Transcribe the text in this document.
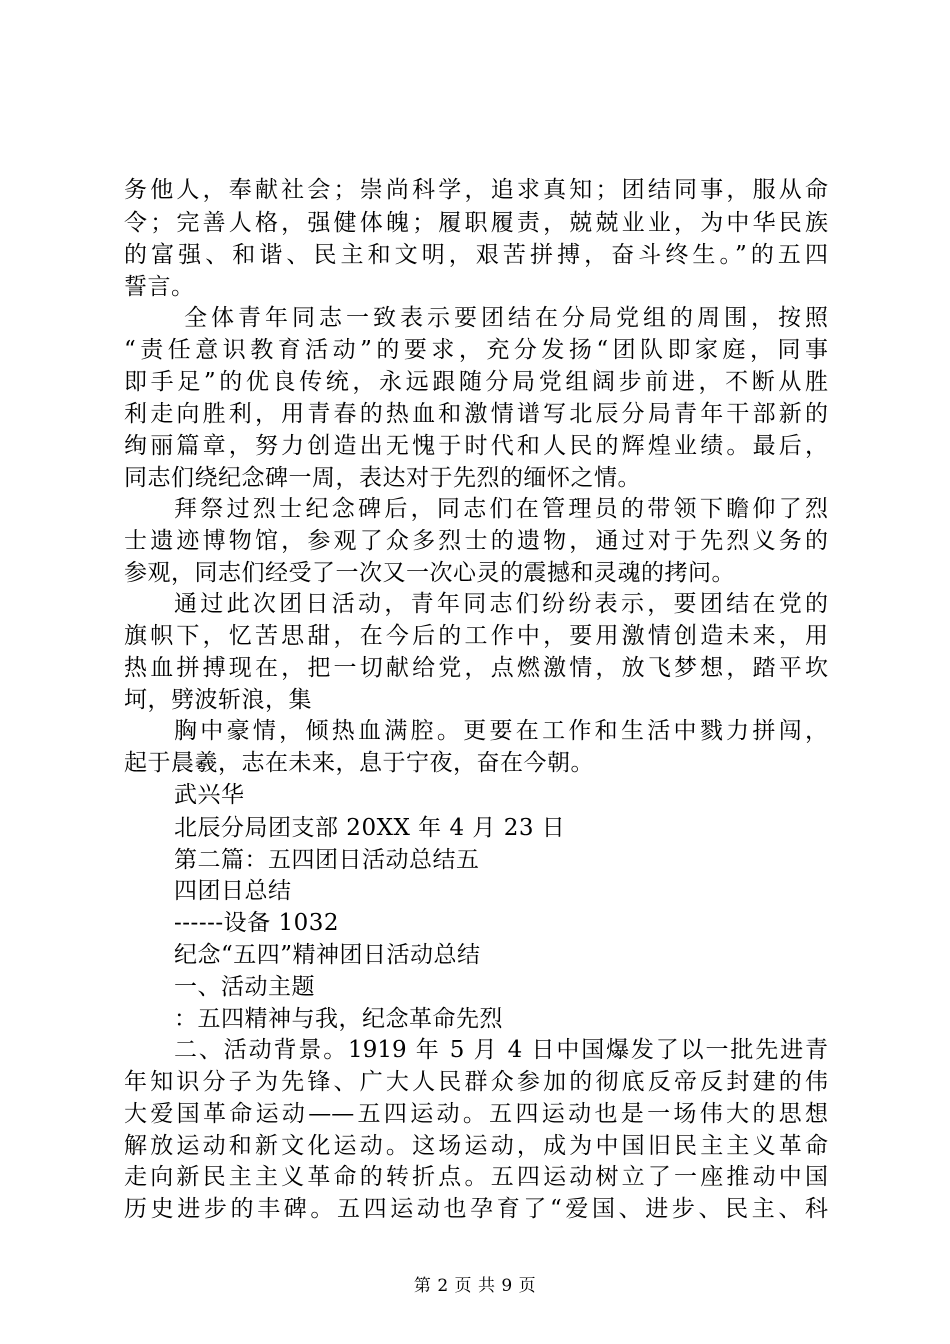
务他人，奉献社会；崇尚科学，追求真知；团结同事，服从命
令；完善人格，强健体魄；履职履责，兢兢业业，为中华民族
的富强、和谐、民主和文明，艰苦拼搏，奋斗终生。”的五四
誓言。
全体青年同志一致表示要团结在分局党组的周围，按照
“责任意识教育活动”的要求，充分发扬“团队即家庭，同事
即手足”的优良传统，永远跟随分局党组阔步前进，不断从胜
利走向胜利，用青春的热血和激情谱写北辰分局青年干部新的
绚丽篇章，努力创造出无愧于时代和人民的辉煌业绩。最后，
同志们绕纪念碑一周，表达对于先烈的缅怀之情。
拜祭过烈士纪念碑后，同志们在管理员的带领下瞻仰了烈
士遗迹博物馆，参观了众多烈士的遗物，通过对于先烈义务的
参观，同志们经受了一次又一次心灵的震撼和灵魂的拷问。
通过此次团日活动，青年同志们纷纷表示，要团结在党的
旗帜下，忆苦思甜，在今后的工作中，要用激情创造未来，用
热血拼搏现在，把一切献给党，点燃激情，放飞梦想，踏平坎
坷，劈波斩浪，集
胸中豪情，倾热血满腔。更要在工作和生活中戮力拼闯，
起于晨羲，志在未来，息于宁夜，奋在今朝。
武兴华
北辰分局团支部 20XX 年 4 月 23 日
第二篇：五四团日活动总结五
四团日总结
------设备 1032
纪念“五四”精神团日活动总结
一、活动主题
：五四精神与我，纪念革命先烈
二、活动背景。1919 年 5 月 4 日中国爆发了以一批先进青
年知识分子为先锋、广大人民群众参加的彻底反帝反封建的伟
大爱国革命运动——五四运动。五四运动也是一场伟大的思想
解放运动和新文化运动。这场运动，成为中国旧民主主义革命
走向新民主主义革命的转折点。五四运动树立了一座推动中国
历史进步的丰碑。五四运动也孕育了“爱国、进步、民主、科
第 2 页 共 9 页
